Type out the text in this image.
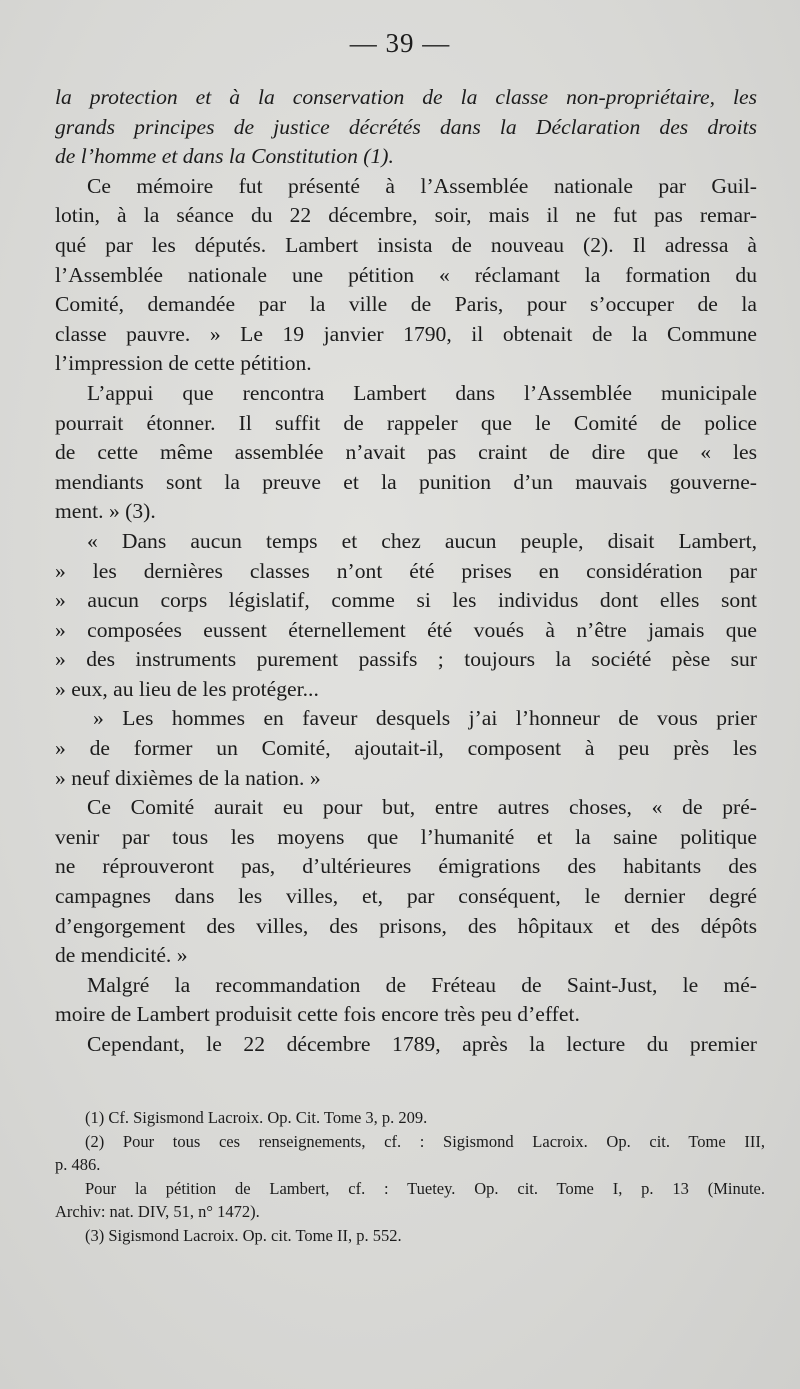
— 39 —
la protection et à la conservation de la classe non-propriétaire, les
grands principes de justice décrétés dans la Déclaration des droits
de l’homme et dans la Constitution (1).
Ce mémoire fut présenté à l’Assemblée nationale par Guil-
lotin, à la séance du 22 décembre, soir, mais il ne fut pas remar-
qué par les députés. Lambert insista de nouveau (2). Il adressa à
l’Assemblée nationale une pétition « réclamant la formation du
Comité, demandée par la ville de Paris, pour s’occuper de la
classe pauvre. » Le 19 janvier 1790, il obtenait de la Commune
l’impression de cette pétition.
L’appui que rencontra Lambert dans l’Assemblée municipale
pourrait étonner. Il suffit de rappeler que le Comité de police
de cette même assemblée n’avait pas craint de dire que « les
mendiants sont la preuve et la punition d’un mauvais gouverne-
ment. » (3).
« Dans aucun temps et chez aucun peuple, disait Lambert,
» les dernières classes n’ont été prises en considération par
» aucun corps législatif, comme si les individus dont elles sont
» composées eussent éternellement été voués à n’être jamais que
» des instruments purement passifs ; toujours la société pèse sur
» eux, au lieu de les protéger...
» Les hommes en faveur desquels j’ai l’honneur de vous prier
» de former un Comité, ajoutait-il, composent à peu près les
» neuf dixièmes de la nation. »
Ce Comité aurait eu pour but, entre autres choses, « de pré-
venir par tous les moyens que l’humanité et la saine politique
ne réprouveront pas, d’ultérieures émigrations des habitants des
campagnes dans les villes, et, par conséquent, le dernier degré
d’engorgement des villes, des prisons, des hôpitaux et des dépôts
de mendicité. »
Malgré la recommandation de Fréteau de Saint-Just, le mé-
moire de Lambert produisit cette fois encore très peu d’effet.
Cependant, le 22 décembre 1789, après la lecture du premier
(1) Cf. Sigismond Lacroix. Op. Cit. Tome 3, p. 209.
(2) Pour tous ces renseignements, cf. : Sigismond Lacroix. Op. cit. Tome III,
p. 486.
Pour la pétition de Lambert, cf. : Tuetey. Op. cit. Tome I, p. 13 (Minute.
Archiv: nat. DIV, 51, n° 1472).
(3) Sigismond Lacroix. Op. cit. Tome II, p. 552.
